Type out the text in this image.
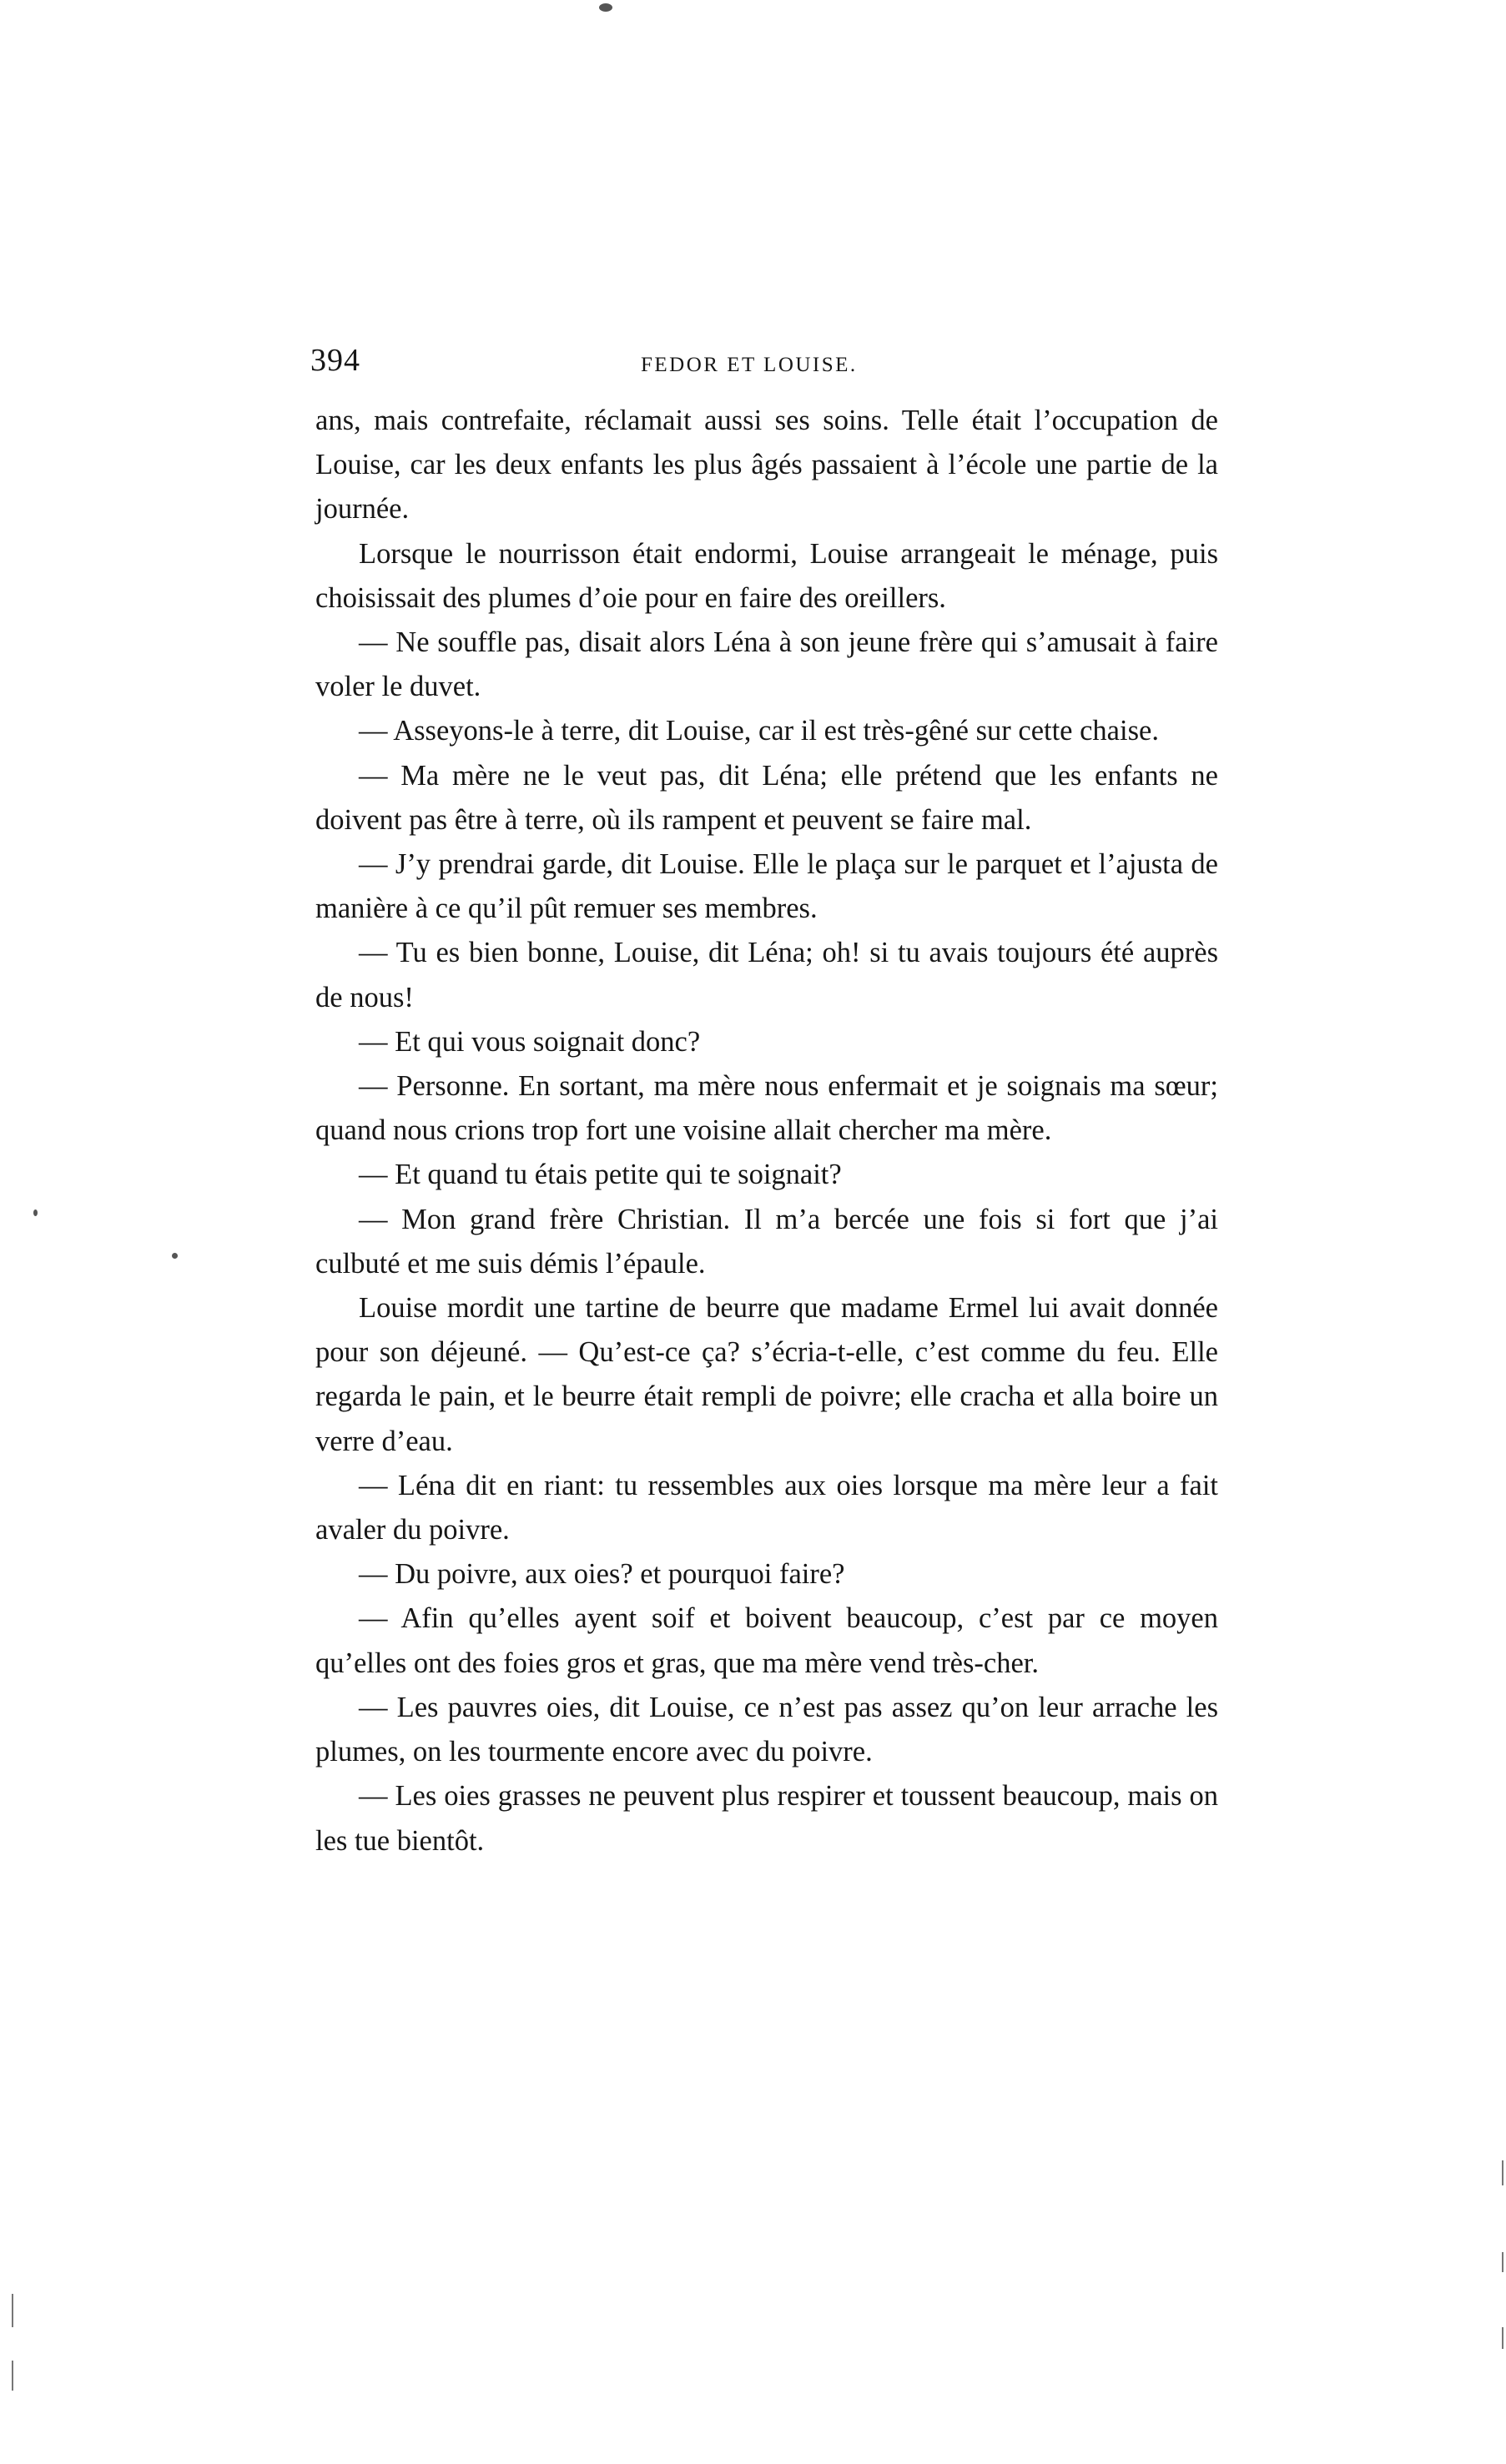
394	FEDOR ET LOUISE.

ans, mais contrefaite, réclamait aussi ses soins. Telle était l’occupation de Louise, car les deux enfants les plus âgés passaient à l’école une partie de la journée.

Lorsque le nourrisson était endormi, Louise arrangeait le ménage, puis choisissait des plumes d’oie pour en faire des oreillers.

— Ne souffle pas, disait alors Léna à son jeune frère qui s’amusait à faire voler le duvet.

— Asseyons-le à terre, dit Louise, car il est très-gêné sur cette chaise.

— Ma mère ne le veut pas, dit Léna; elle prétend que les enfants ne doivent pas être à terre, où ils rampent et peuvent se faire mal.

— J’y prendrai garde, dit Louise. Elle le plaça sur le parquet et l’ajusta de manière à ce qu’il pût remuer ses membres.

— Tu es bien bonne, Louise, dit Léna; oh! si tu avais toujours été auprès de nous!

— Et qui vous soignait donc?

— Personne. En sortant, ma mère nous enfermait et je soignais ma sœur; quand nous crions trop fort une voisine allait chercher ma mère.

— Et quand tu étais petite qui te soignait?

— Mon grand frère Christian. Il m’a bercée une fois si fort que j’ai culbuté et me suis démis l’épaule.

Louise mordit une tartine de beurre que madame Ermel lui avait donnée pour son déjeuné. — Qu’est-ce ça? s’écria-t-elle, c’est comme du feu. Elle regarda le pain, et le beurre était rempli de poivre; elle cracha et alla boire un verre d’eau.

— Léna dit en riant: tu ressembles aux oies lorsque ma mère leur a fait avaler du poivre.

— Du poivre, aux oies? et pourquoi faire?

— Afin qu’elles ayent soif et boivent beaucoup, c’est par ce moyen qu’elles ont des foies gros et gras, que ma mère vend très-cher.

— Les pauvres oies, dit Louise, ce n’est pas assez qu’on leur arrache les plumes, on les tourmente encore avec du poivre.

— Les oies grasses ne peuvent plus respirer et toussent beaucoup, mais on les tue bientôt.
